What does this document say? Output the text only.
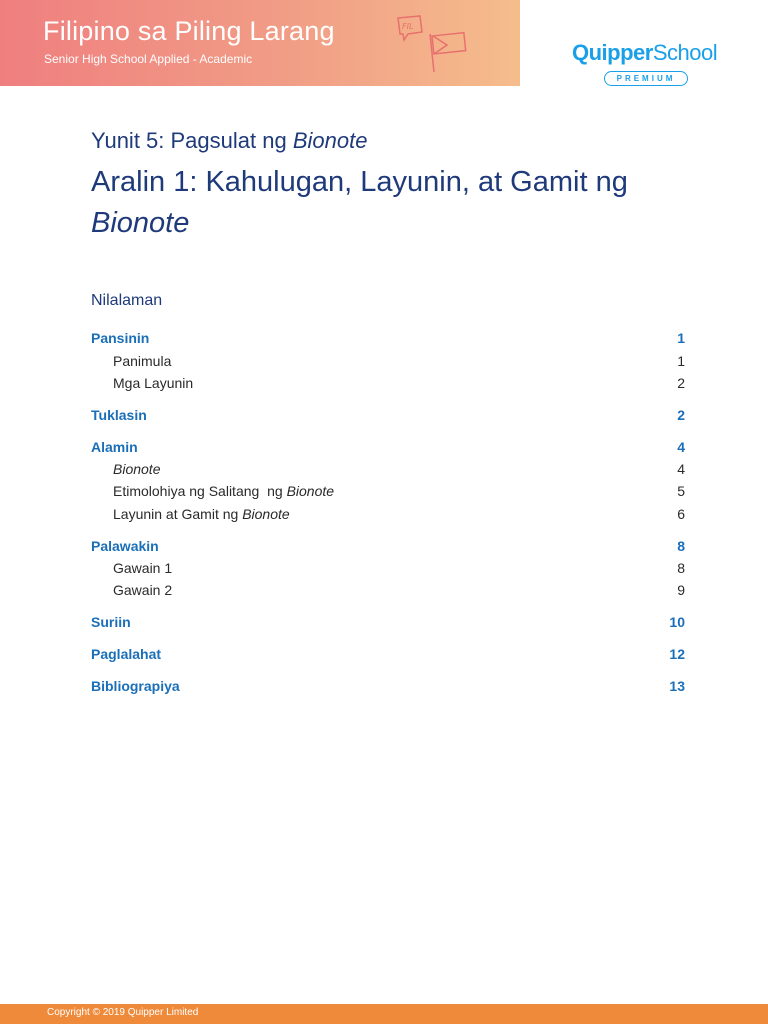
Filipino sa Piling Larang
Senior High School Applied - Academic
FIL
QuipperSchool
PREMIUM
Yunit 5: Pagsulat ng Bionote
Aralin 1: Kahulugan, Layunin, at Gamit ng
Bionote
Nilalaman
Pansinin	1
Panimula	1
Mga Layunin	2
Tuklasin	2
Alamin	4
Bionote	4
Etimolohiya ng Salitang  ng Bionote	5
Layunin at Gamit ng Bionote	6
Palawakin	8
Gawain 1	8
Gawain 2	9
Suriin	10
Paglalahat	12
Bibliograpiya	13
Copyright © 2019 Quipper Limited
